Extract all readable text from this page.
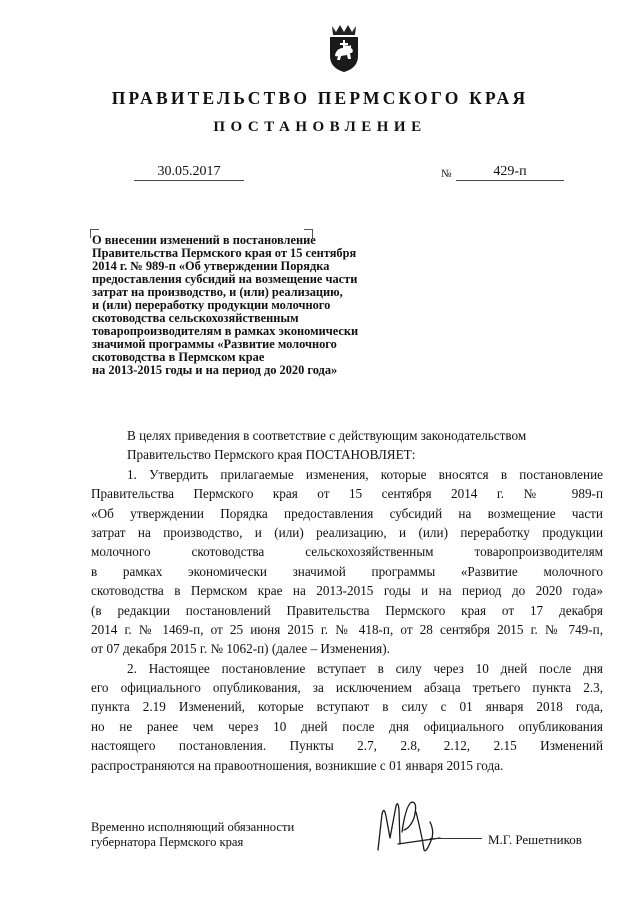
ПРАВИТЕЛЬСТВО ПЕРМСКОГО КРАЯ
ПОСТАНОВЛЕНИЕ
30.05.2017	№	429-п
О внесении изменений в постановление
Правительства Пермского края от 15 сентября
2014 г. № 989-п «Об утверждении Порядка
предоставления субсидий на возмещение части
затрат на производство, и (или) реализацию,
и (или) переработку продукции молочного
скотоводства сельскохозяйственным
товаропроизводителям в рамках экономически
значимой программы «Развитие молочного
скотоводства в Пермском крае
на 2013-2015 годы и на период до 2020 года»
В целях приведения в соответствие с действующим законодательством
Правительство Пермского края ПОСТАНОВЛЯЕТ:
1. Утвердить прилагаемые изменения, которые вносятся в постановление
Правительства Пермского края от 15 сентября 2014 г. № 989-п
«Об утверждении Порядка предоставления субсидий на возмещение части
затрат на производство, и (или) реализацию, и (или) переработку продукции
молочного скотоводства сельскохозяйственным товаропроизводителям
в рамках экономически значимой программы «Развитие молочного
скотоводства в Пермском крае на 2013-2015 годы и на период до 2020 года»
(в редакции постановлений Правительства Пермского края от 17 декабря
2014 г. № 1469-п, от 25 июня 2015 г. № 418-п, от 28 сентября 2015 г. № 749-п,
от 07 декабря 2015 г. № 1062-п) (далее – Изменения).
2. Настоящее постановление вступает в силу через 10 дней после дня
его официального опубликования, за исключением абзаца третьего пункта 2.3,
пункта 2.19 Изменений, которые вступают в силу с 01 января 2018 года,
но не ранее чем через 10 дней после дня официального опубликования
настоящего постановления. Пункты 2.7, 2.8, 2.12, 2.15 Изменений
распространяются на правоотношения, возникшие с 01 января 2015 года.
Временно исполняющий обязанности
губернатора Пермского края	М.Г. Решетников
